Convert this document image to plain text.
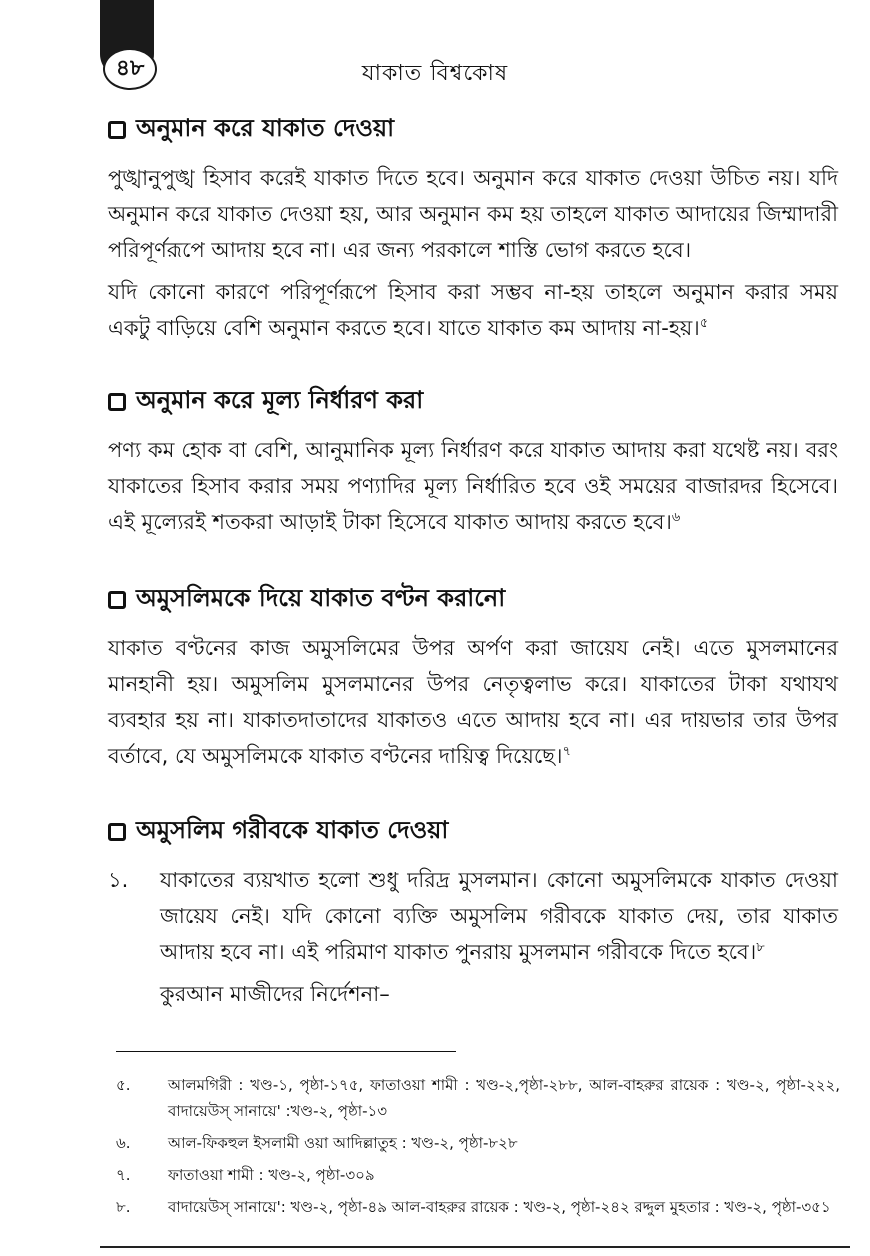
৪৮	যাকাত বিশ্বকোষ
অনুমান করে যাকাত দেওয়া

পুঙ্খানুপুঙ্খ হিসাব করেই যাকাত দিতে হবে। অনুমান করে যাকাত দেওয়া উচিত নয়। যদি অনুমান করে যাকাত দেওয়া হয়, আর অনুমান কম হয় তাহলে যাকাত আদায়ের জিম্মাদারী পরিপূর্ণরূপে আদায় হবে না। এর জন্য পরকালে শাস্তি ভোগ করতে হবে।

যদি কোনো কারণে পরিপূর্ণরূপে হিসাব করা সম্ভব না-হয় তাহলে অনুমান করার সময় একটু বাড়িয়ে বেশি অনুমান করতে হবে। যাতে যাকাত কম আদায় না-হয়।$^৫$

অনুমান করে মূল্য নির্ধারণ করা

পণ্য কম হোক বা বেশি, আনুমানিক মূল্য নির্ধারণ করে যাকাত আদায় করা যথেষ্ট নয়। বরং যাকাতের হিসাব করার সময় পণ্যাদির মূল্য নির্ধারিত হবে ওই সময়ের বাজারদর হিসেবে। এই মূল্যেরই শতকরা আড়াই টাকা হিসেবে যাকাত আদায় করতে হবে।$^৬$

অমুসলিমকে দিয়ে যাকাত বণ্টন করানো

যাকাত বণ্টনের কাজ অমুসলিমের উপর অর্পণ করা জায়েয নেই। এতে মুসলমানের মানহানী হয়। অমুসলিম মুসলমানের উপর নেতৃত্বলাভ করে। যাকাতের টাকা যথাযথ ব্যবহার হয় না। যাকাতদাতাদের যাকাতও এতে আদায় হবে না। এর দায়ভার তার উপর বর্তাবে, যে অমুসলিমকে যাকাত বণ্টনের দায়িত্ব দিয়েছে।$^৭$

অমুসলিম গরীবকে যাকাত দেওয়া
১.	যাকাতের ব্যয়খাত হলো শুধু দরিদ্র মুসলমান। কোনো অমুসলিমকে যাকাত দেওয়া জায়েয নেই। যদি কোনো ব্যক্তি অমুসলিম গরীবকে যাকাত দেয়, তার যাকাত আদায় হবে না। এই পরিমাণ যাকাত পুনরায় মুসলমান গরীবকে দিতে হবে।$^৮$

কুরআন মাজীদের নির্দেশনা–
৫.	আলমগিরী : খণ্ড-১, পৃষ্ঠা-১৭৫, ফাতাওয়া শামী : খণ্ড-২,পৃষ্ঠা-২৮৮, আল-বাহরুর রায়েক : খণ্ড-২, পৃষ্ঠা-২২২, বাদায়েউস্ সানায়ে' :খণ্ড-২, পৃষ্ঠা-১৩
৬.	আল-ফিকহুল ইসলামী ওয়া আদিল্লাতুহ : খণ্ড-২, পৃষ্ঠা-৮২৮
৭.	ফাতাওয়া শামী : খণ্ড-২, পৃষ্ঠা-৩০৯
৮.	বাদায়েউস্ সানায়ে': খণ্ড-২, পৃষ্ঠা-৪৯ আল-বাহরুর রায়েক : খণ্ড-২, পৃষ্ঠা-২৪২ রদ্দুল মুহতার : খণ্ড-২, পৃষ্ঠা-৩৫১
